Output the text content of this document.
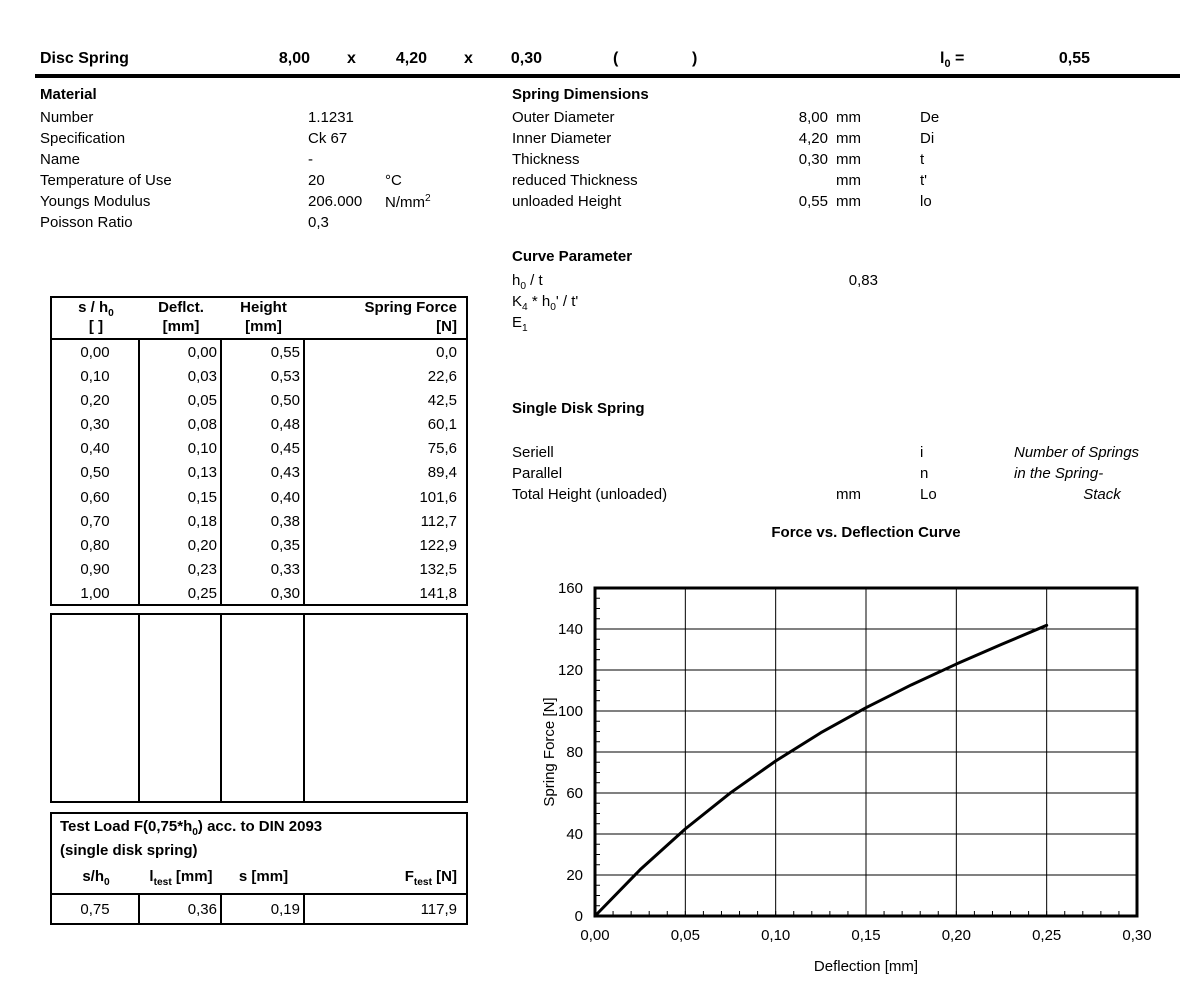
Disc Spring	8,00 x	4,20 x	0,30	(	)	$l_0$ =	0,55
Material
Number	1.1231
Specification	Ck 67
Name	-
Temperature of Use	20	°C
Youngs Modulus	206.000 $N/mm^2$
Poisson Ratio	0,3
Spring Dimensions
Outer Diameter	8,00 mm	De
Inner Diameter	4,20 mm	Di
Thickness	0,30 mm	t
reduced Thickness	mm	t'
unloaded Height	0,55 mm	lo
Curve Parameter
$h_0$ / t	0,83
$K_4 * h_0'$ / t'
$E_1$
Single Disk Spring
Seriell	i	Number of Springs
Parallel	n	in the Spring-
Total Height (unloaded)	mm	Lo	Stack
s / $h_0$	Deflct.	Height	Spring Force
[ ]	[mm]	[mm]	[N]
0,00	0,00	0,55	0,0
0,10	0,03	0,53	22,6
0,20	0,05	0,50	42,5
0,30	0,08	0,48	60,1
0,40	0,10	0,45	75,6
0,50	0,13	0,43	89,4
0,60	0,15	0,40	101,6
0,70	0,18	0,38	112,7
0,80	0,20	0,35	122,9
0,90	0,23	0,33	132,5
1,00	0,25	0,30	141,8
Test Load $F(0,75*h_0)$ acc. to DIN 2093
(single disk spring)
$s/h_0$	$l_{test}$ [mm]	s [mm]	$F_{test}$ [N]
0,75	0,36	0,19	117,9
Force vs. Deflection Curve
0,00	0,05	0,10	0,15	0,20	0,25	0,30
0
20
40
60
80
100
120
140
160
Deflection [mm]
Spring Force [N]
